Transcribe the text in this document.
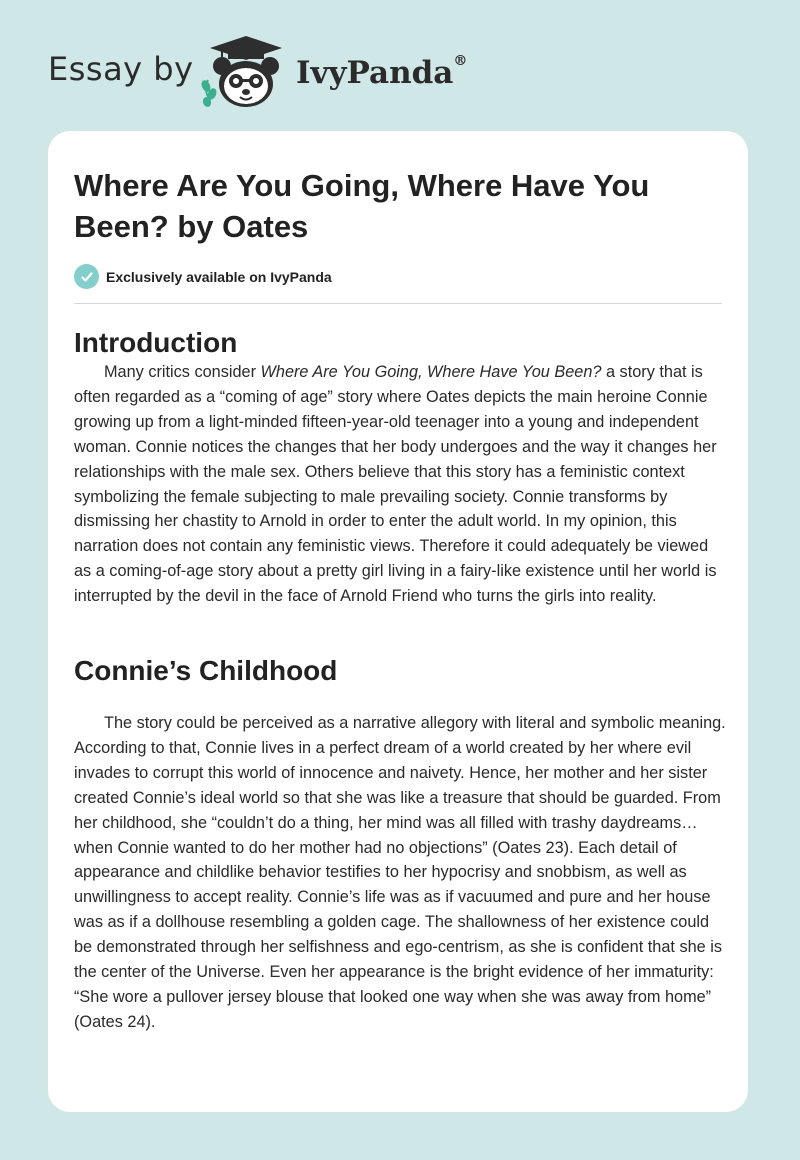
Essay by	IvyPanda®
Where Are You Going, Where Have You Been? by Oates
Exclusively available on IvyPanda
Introduction

Many critics consider Where Are You Going, Where Have You Been? a story that is often regarded as a “coming of age” story where Oates depicts the main heroine Connie growing up from a light-minded fifteen-year-old teenager into a young and independent woman. Connie notices the changes that her body undergoes and the way it changes her relationships with the male sex. Others believe that this story has a feministic context symbolizing the female subjecting to male prevailing society. Connie transforms by dismissing her chastity to Arnold in order to enter the adult world. In my opinion, this narration does not contain any feministic views. Therefore it could adequately be viewed as a coming-of-age story about a pretty girl living in a fairy-like existence until her world is interrupted by the devil in the face of Arnold Friend who turns the girls into reality.

Connie’s Childhood

The story could be perceived as a narrative allegory with literal and symbolic meaning. According to that, Connie lives in a perfect dream of a world created by her where evil invades to corrupt this world of innocence and naivety. Hence, her mother and her sister created Connie’s ideal world so that she was like a treasure that should be guarded. From her childhood, she “couldn’t do a thing, her mind was all filled with trashy daydreams…when Connie wanted to do her mother had no objections” (Oates 23). Each detail of appearance and childlike behavior testifies to her hypocrisy and snobbism, as well as unwillingness to accept reality. Connie’s life was as if vacuumed and pure and her house was as if a dollhouse resembling a golden cage. The shallowness of her existence could be demonstrated through her selfishness and ego-centrism, as she is confident that she is the center of the Universe. Even her appearance is the bright evidence of her immaturity: “She wore a pullover jersey blouse that looked one way when she was away from home” (Oates 24).
